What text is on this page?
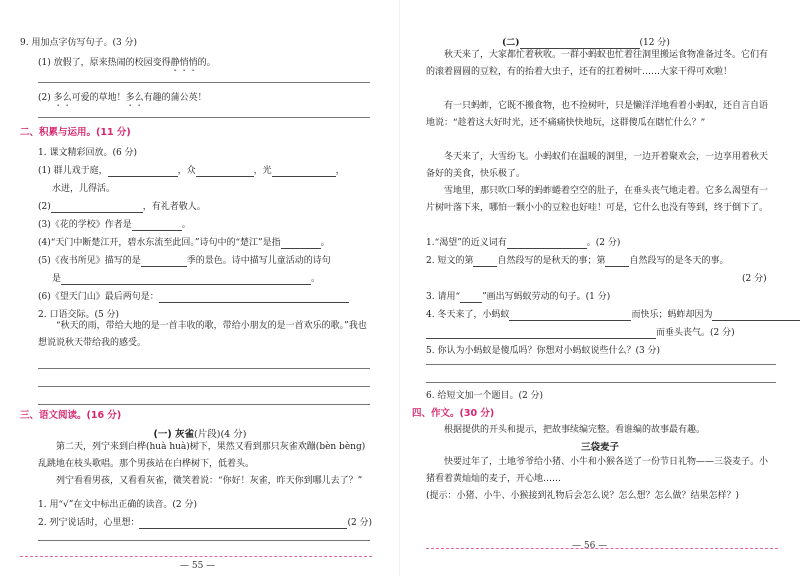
9. 用加点字仿写句子。(3 分)
(1) 放假了，原来热闹的校园变得静悄悄的。
(2) 多么可爱的草地！多么有趣的蒲公英！
二、积累与运用。(11 分)
1. 课文精彩回放。(6 分)
(1) 群儿戏于庭，	，众	，光	，
水迸，儿得活。
(2)	，有礼者敬人。
(3)《花的学校》作者是	。
(4)“天门中断楚江开，碧水东流至此回。”诗句中的“楚江”是指	。
(5)《夜书所见》描写的是	季的景色。诗中描写儿童活动的诗句
是	。
(6)《望天门山》最后两句是：
2. 口语交际。(5 分)
“秋天的雨，带给大地的是一首丰收的歌，带给小朋友的是一首欢乐的歌。”我也想说说秋天带给我的感受。
三、语文阅读。(16 分)
(一) 灰雀(片段)(4 分)
第二天，列宁来到白桦(huà huà)树下，果然又看到那只灰雀欢蹦(bèn bèng)乱跳地在枝头歌唱。那个男孩站在白桦树下，低着头。
列宁看看男孩，又看看灰雀，微笑着说：“你好！灰雀，昨天你到哪儿去了？”
1. 用“√”在文中标出正确的读音。(2 分)
2. 列宁说话时，心里想：	(2 分)
— 55 —
(二)	(12 分)
秋天来了，大家都忙着秋收。一群小蚂蚁也忙着往洞里搬运食物准备过冬。它们有的滚着圆圆的豆粒，有的抬着大虫子，还有的扛着树叶……大家干得可欢啦！
有一只蚂蚱，它既不搬食物，也不捡树叶，只是懒洋洋地看着小蚂蚁，还自言自语地说：“趁着这大好时光，还不痛痛快快地玩，这群傻瓜在瞎忙什么？”
冬天来了，大雪纷飞。小蚂蚁们在温暖的洞里，一边开着聚欢会，一边享用着秋天备好的美食，快乐极了。
雪地里，那只吹口琴的蚂蚱蜷着空空的肚子，在垂头丧气地走着。它多么渴望有一片树叶落下来，哪怕一颗小小的豆粒也好哇！可是，它什么也没有等到，终于倒下了。
1.“渴望”的近义词有	。(2 分)
2. 短文的第	自然段写的是秋天的事；第	自然段写的是冬天的事。
(2 分)
3. 请用“ ”画出写蚂蚁劳动的句子。(1 分)
4. 冬天来了，小蚂蚁	而快乐；蚂蚱却因为
而垂头丧气。(2 分)
5. 你认为小蚂蚁是傻瓜吗？你想对小蚂蚁说些什么？(3 分)
6. 给短文加一个题目。(2 分)
四、作文。(30 分)
根据提供的开头和提示，把故事续编完整。看谁编的故事最有趣。
三袋麦子
快要过年了，土地爷爷给小猪、小牛和小猴各送了一份节日礼物——三袋麦子。小猪看着黄灿灿的麦子，开心地……
(提示：小猪、小牛、小猴接到礼物后会怎么说？怎么想？怎么做？结果怎样？)
— 56 —
